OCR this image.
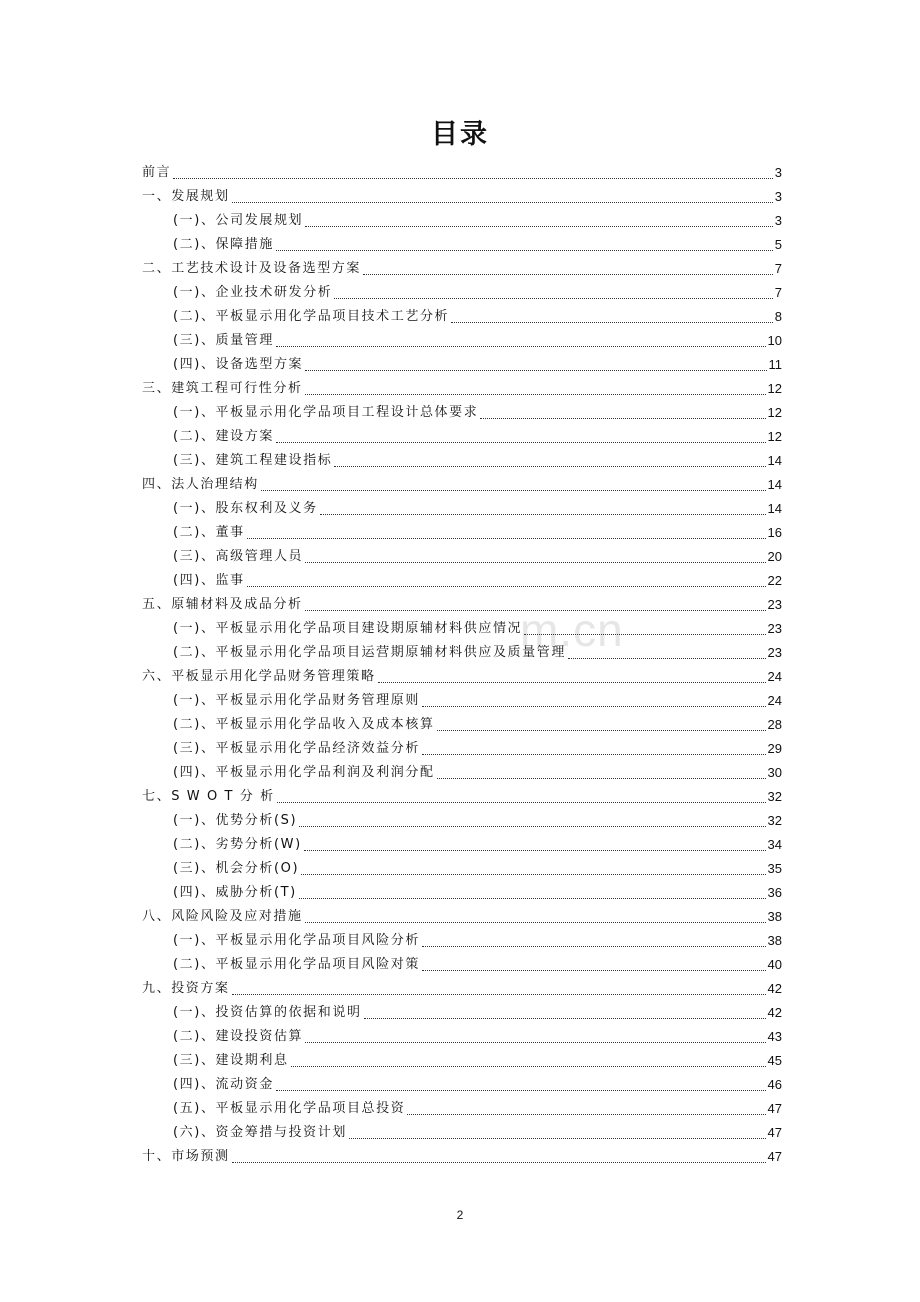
m.cn
目录
前言	3
一、发展规划	3
(一)、公司发展规划	3
(二)、保障措施	5
二、工艺技术设计及设备选型方案	7
(一)、企业技术研发分析	7
(二)、平板显示用化学品项目技术工艺分析	8
(三)、质量管理	10
(四)、设备选型方案	11
三、建筑工程可行性分析	12
(一)、平板显示用化学品项目工程设计总体要求	12
(二)、建设方案	12
(三)、建筑工程建设指标	14
四、法人治理结构	14
(一)、股东权利及义务	14
(二)、董事	16
(三)、高级管理人员	20
(四)、监事	22
五、原辅材料及成品分析	23
(一)、平板显示用化学品项目建设期原辅材料供应情况	23
(二)、平板显示用化学品项目运营期原辅材料供应及质量管理	23
六、平板显示用化学品财务管理策略	24
(一)、平板显示用化学品财务管理原则	24
(二)、平板显示用化学品收入及成本核算	28
(三)、平板显示用化学品经济效益分析	29
(四)、平板显示用化学品利润及利润分配	30
七、S W O T 分 析	32
(一)、优势分析(S)	32
(二)、劣势分析(W)	34
(三)、机会分析(O)	35
(四)、威胁分析(T)	36
八、风险风险及应对措施	38
(一)、平板显示用化学品项目风险分析	38
(二)、平板显示用化学品项目风险对策	40
九、投资方案	42
(一)、投资估算的依据和说明	42
(二)、建设投资估算	43
(三)、建设期利息	45
(四)、流动资金	46
(五)、平板显示用化学品项目总投资	47
(六)、资金筹措与投资计划	47
十、市场预测	47
2
